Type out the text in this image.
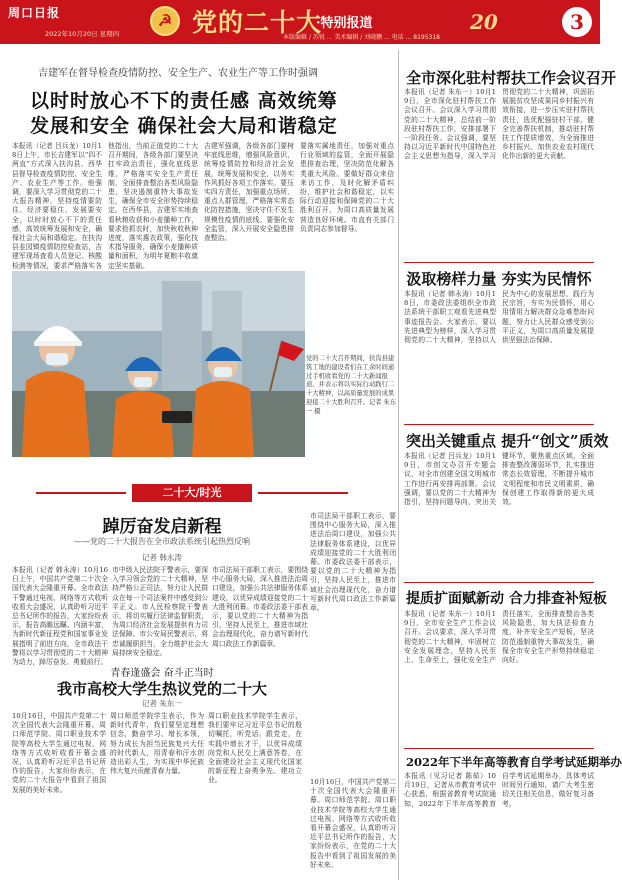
周口日报
2022年10月20日 星期四
☭ 党的二十大
·特别报道
本版编辑 / 苏锐 ... 美术编辑 / 刘晓鹏 ... 电话 ... 8195318
20	3
吉建军在督导检查疫情防控、安全生产、农业生产等工作时强调
以时时放心不下的责任感 高效统筹
发展和安全 确保社会大局和谐稳定
本报讯（记者 吕兵龙）10月18日上午，市长吉建军以“四不两直”方式深入扶沟县、西华县督导检查疫情防控、安全生产、农业生产等工作。他强调，要深入学习贯彻党的二十大报告精神，坚持疫情要防住、经济要稳住、发展要安全，以时时放心不下的责任感，高效统筹发展和安全，确保社会大局和谐稳定。在扶沟县韭园镇疫情防控检查站，吉建军现场查看人员登记、核酸检测等情况，要求严格落实各
他指出，当前正值党的二十大召开期间，各级各部门要坚决扛牢政治责任，强化底线思维，严格落实安全生产责任制，全面排查整治各类风险隐患，坚决遏制重特大事故发生，确保全市安全形势持续稳定。在西华县，吉建军实地查看秋粮收获和小麦播种工作，要求抢抓农时，加快秋收秋种进度，落实惠农政策，强化技术指导服务，确保小麦播种质量和面积，为明年夏粮丰收奠定坚实基础。
吉建军强调，各级各部门要树牢底线思维，增强风险意识，统筹疫情防控和经济社会发展，统筹发展和安全，以务实作风抓好各项工作落实。要压实四方责任，加强重点场所、重点人群管理，严格落实常态化防控措施，坚决守住不发生规模性疫情的底线。要强化安全监管，深入开展安全隐患排查整治。
要落实属地责任，加强对重点行业领域的监管，全面开展隐患排查治理，坚决防范化解各类重大风险。要做好群众来信来访工作，及时化解矛盾纠纷，维护社会和谐稳定，以实际行动迎接和保障党的二十大胜利召开，为周口高质量发展营造良好环境。市直有关部门负责同志参加督导。
党的二十大召开期间，扶沟县建筑工地的建设者们在工余时间通过手机收看党的二十大新闻报道，并表示将以实际行动践行二十大精神，以高质量发展的成果迎接二十大胜利召开。记者 朱东一 摄
二十大/时光
踔厉奋发启新程
——党的二十大报告在全市政法系统引起热烈反响
记者 韩永涛
本报讯（记者 韩永涛）10月16日上午，中国共产党第二十次全国代表大会隆重开幕。全市政法干警通过电视、网络等方式收听收看大会盛况，认真聆听习近平总书记所作的报告，大家纷纷表示，报告高瞻远瞩、内涵丰富，为新时代新征程党和国家事业发展指明了前进方向，全市政法干警将以学习贯彻党的二十大精神为动力，踔厉奋发、勇毅前行。
市中级人民法院干警表示，要深入学习领会党的二十大精神，坚持严格公正司法，努力让人民群众在每一个司法案件中感受到公平正义。市人民检察院干警表示，将切实履行法律监督职责，为周口经济社会发展提供有力司法保障。市公安局民警表示，将忠诚履职担当，全力维护社会大局持续安全稳定。
市司法局干部职工表示，要围绕中心服务大局，深入推进法治周口建设，加强公共法律服务体系建设，以优异成绩迎接党的二十大胜利闭幕。市委政法委干部表示，要以党的二十大精神为指引，坚持人民至上，推进市域社会治理现代化，奋力谱写新时代周口政法工作新篇章。
市司法局干部职工表示，要围绕中心服务大局，深入推进法治周口建设，加强公共法律服务体系建设，以优异成绩迎接党的二十大胜利闭幕。市委政法委干部表示，要以党的二十大精神为指引，坚持人民至上，推进市域社会治理现代化，奋力谱写新时代周口政法工作新篇章。
青春逢盛会 奋斗正当时
我市高校大学生热议党的二十大
记者 朱东一
10月16日，中国共产党第二十次全国代表大会隆重开幕。周口师范学院、周口职业技术学院等高校大学生通过电视、网络等方式收听收看开幕会盛况，认真聆听习近平总书记所作的报告，大家纷纷表示，在党的二十大报告中看到了祖国发展的美好未来。
周口师范学院学生表示，作为新时代青年，我们要坚定理想信念，勤奋学习、增长本领，努力成长为担当民族复兴大任的时代新人，用青春和汗水创造出彩人生，为实现中华民族伟大复兴贡献青春力量。
周口职业技术学院学生表示，我们要牢记习近平总书记的殷切嘱托，听党话、跟党走，在实践中增长才干，以优异成绩向党和人民交上满意答卷，在全面建设社会主义现代化国家的新征程上奋勇争先、建功立业。	10月16日，中国共产党第二十次全国代表大会隆重开幕。周口师范学院、周口职业技术学院等高校大学生通过电视、网络等方式收听收看开幕会盛况，认真聆听习近平总书记所作的报告，大家纷纷表示，在党的二十大报告中看到了祖国发展的美好未来。
全市深化驻村帮扶工作会议召开
本报讯（记者 朱东一）10月19日，全市深化驻村帮扶工作会议召开。会议深入学习贯彻党的二十大精神，总结前一阶段驻村帮扶工作，安排部署下一阶段任务。会议强调，要坚持以习近平新时代中国特色社会主义思想为指导，深入学习贯彻党的二十大精神，巩固拓展脱贫攻坚成果同乡村振兴有效衔接，进一步压实驻村帮扶责任，选优配强驻村干部，健全完善帮扶机制，推动驻村帮扶工作提质增效，为全面推进乡村振兴、加快农业农村现代化作出新的更大贡献。
汲取榜样力量 夯实为民情怀
本报讯（记者 韩永涛）10月18日，市委政法委组织全市政法系统干部职工观看先进典型事迹报告会。大家表示，要以先进典型为榜样，深入学习贯彻党的二十大精神，坚持以人民为中心的发展思想，践行为民宗旨，夯实为民情怀，用心用情用力解决群众急难愁盼问题，努力让人民群众感受到公平正义，为周口高质量发展提供坚强法治保障。
突出关键重点 提升“创文”质效
本报讯（记者 吕兵龙）10月19日，市创文办召开专题会议，对全市创建全国文明城市工作进行再安排再部署。会议强调，要以党的二十大精神为指引，坚持问题导向，突出关键环节，聚焦重点区域，全面排查整改薄弱环节，扎实推进常态长效管理，不断提升城市文明程度和市民文明素质，确保创建工作取得新的更大成效。
提质扩面赋新动 合力排查补短板
本报讯（记者 朱东一）10月19日，全市安全生产工作会议召开。会议要求，深入学习贯彻党的二十大精神，牢固树立安全发展理念，坚持人民至上、生命至上，强化安全生产责任落实，全面排查整治各类风险隐患，加大执法检查力度，补齐安全生产短板，坚决防范遏制重特大事故发生，确保全市安全生产形势持续稳定向好。
2022年下半年高等教育自学考试延期举办
本报讯（见习记者 陈茹）10月19日，记者从市教育考试中心获悉，根据省教育考试院通知，2022年下半年高等教育自学考试延期举办，具体考试时间另行通知，请广大考生密切关注相关信息，做好复习备考。
